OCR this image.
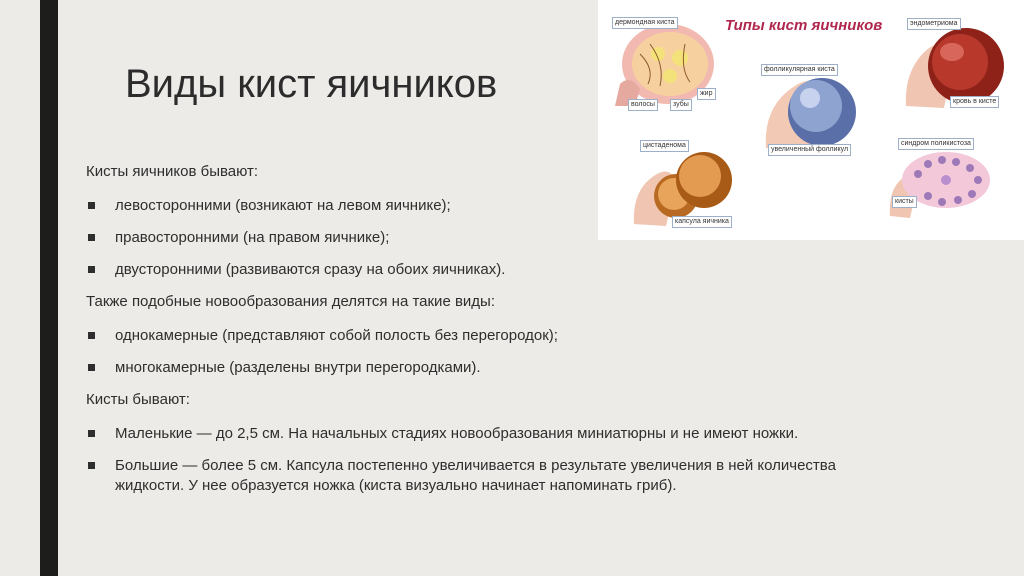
Виды кист яичников

Кисты яичников бывают:

левосторонними (возникают на левом яичнике);
правосторонними (на правом яичнике);
двусторонними (развиваются сразу на обоих яичниках).

Также подобные новообразования делятся на такие виды:

однокамерные (представляют собой полость без перегородок);
многокамерные (разделены внутри перегородками).

Кисты бывают:

Маленькие — до 2,5 см. На начальных стадиях новообразования миниатюрны и не имеют ножки.
Большие — более 5 см. Капсула постепенно увеличивается в результате увеличения в ней количества жидкости. У нее образуется ножка (киста визуально начинает напоминать гриб).
Типы кист яичников
дермондная киста
волосы	зубы
жир
фолликулярная киста
увеличенный фолликул
эндометриома
кровь в кисте
цистаденома
капсула яичника
синдром поликистоза
кисты
